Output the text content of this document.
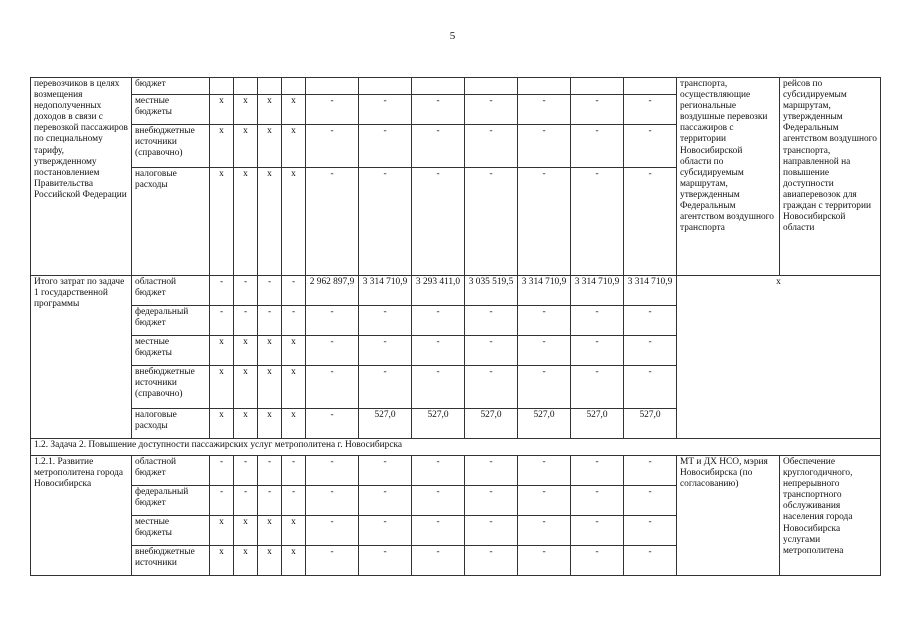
5
перевозчиков в целях возмещения недополученных доходов в связи с перевозкой пассажиров по специальному тарифу, утвержденному постановлением Правительства Российской Федерации	бюджет												транспорта, осуществляющие региональные воздушные перевозки пассажиров с территории Новосибирской области по субсидируемым маршрутам, утвержденным Федеральным агентством воздушного транспорта	рейсов по субсидируемым маршрутам, утвержденным Федеральным агентством воздушного транспорта, направленной на повышение доступности авиаперевозок для граждан с территории Новосибирской области
	местные бюджеты	x	x	x	x	-	-	-	-	-	-	-		
	внебюджетные источники (справочно)	x	x	x	x	-	-	-	-	-	-	-		
	налоговые расходы	x	x	x	x	-	-	-	-	-	-	-		
Итого затрат по задаче 1 государственной программы	областной бюджет	-	-	-	-	2 962 897,9	3 314 710,9	3 293 411,0	3 035 519,5	3 314 710,9	3 314 710,9	3 314 710,9	x	
	федеральный бюджет	-	-	-	-	-	-	-	-	-	-	-		
	местные бюджеты	x	x	x	x	-	-	-	-	-	-	-		
	внебюджетные источники (справочно)	x	x	x	x	-	-	-	-	-	-	-		
	налоговые расходы	x	x	x	x	-	527,0	527,0	527,0	527,0	527,0	527,0		
1.2. Задача 2. Повышение доступности пассажирских услуг метрополитена г. Новосибирска														
1.2.1. Развитие метрополитена города Новосибирска	областной бюджет	-	-	-	-	-	-	-	-	-	-	-	МТ и ДХ НСО, мэрия Новосибирска (по согласованию)	Обеспечение круглогодичного, непрерывного транспортного обслуживания населения города Новосибирска услугами метрополитена
	федеральный бюджет	-	-	-	-	-	-	-	-	-	-	-		
	местные бюджеты	x	x	x	x	-	-	-	-	-	-	-		
	внебюджетные источники	x	x	x	x	-	-	-	-	-	-	-		
